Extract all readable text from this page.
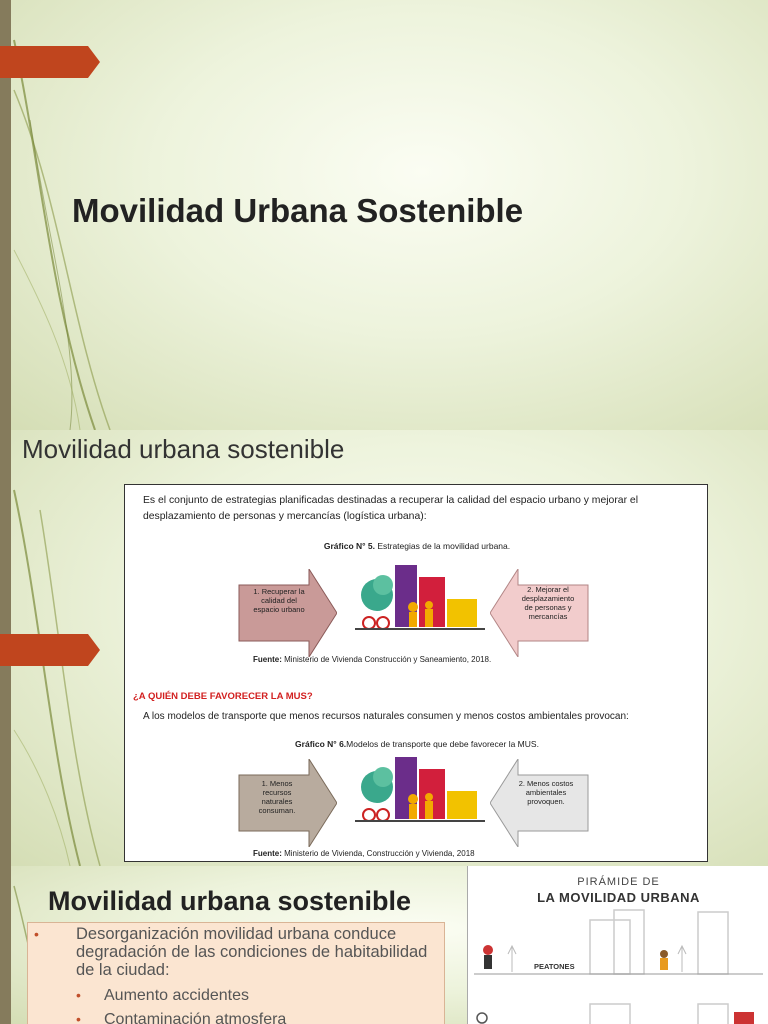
Movilidad Urbana Sostenible
Movilidad urbana sostenible

Es el conjunto de estrategias planificadas destinadas a recuperar la calidad del espacio urbano y mejorar el desplazamiento de personas y mercancías (logística urbana):

Gráfico N° 5. Estrategias de la movilidad urbana.

1. Recuperar la calidad del espacio urbano

2. Mejorar el desplazamiento de personas y mercancías

Fuente: Ministerio de Vivienda Construcción y Saneamiento, 2018.

¿A QUIÉN DEBE FAVORECER LA MUS?

A los modelos de transporte que menos recursos naturales consumen y menos costos ambientales provocan:

Gráfico N° 6.Modelos de transporte que debe favorecer la MUS.

1. Menos recursos naturales consuman.

2. Menos costos ambientales provoquen.

Fuente: Ministerio de Vivienda, Construcción y Vivienda, 2018

Movilidad urbana sostenible
•	Desorganización movilidad urbana conduce degradación de las condiciones de habitabilidad de la ciudad:
•	Aumento accidentes
•	Contaminación atmosfera
PIRÁMIDE DE
LA MOVILIDAD URBANA
PEATONES
